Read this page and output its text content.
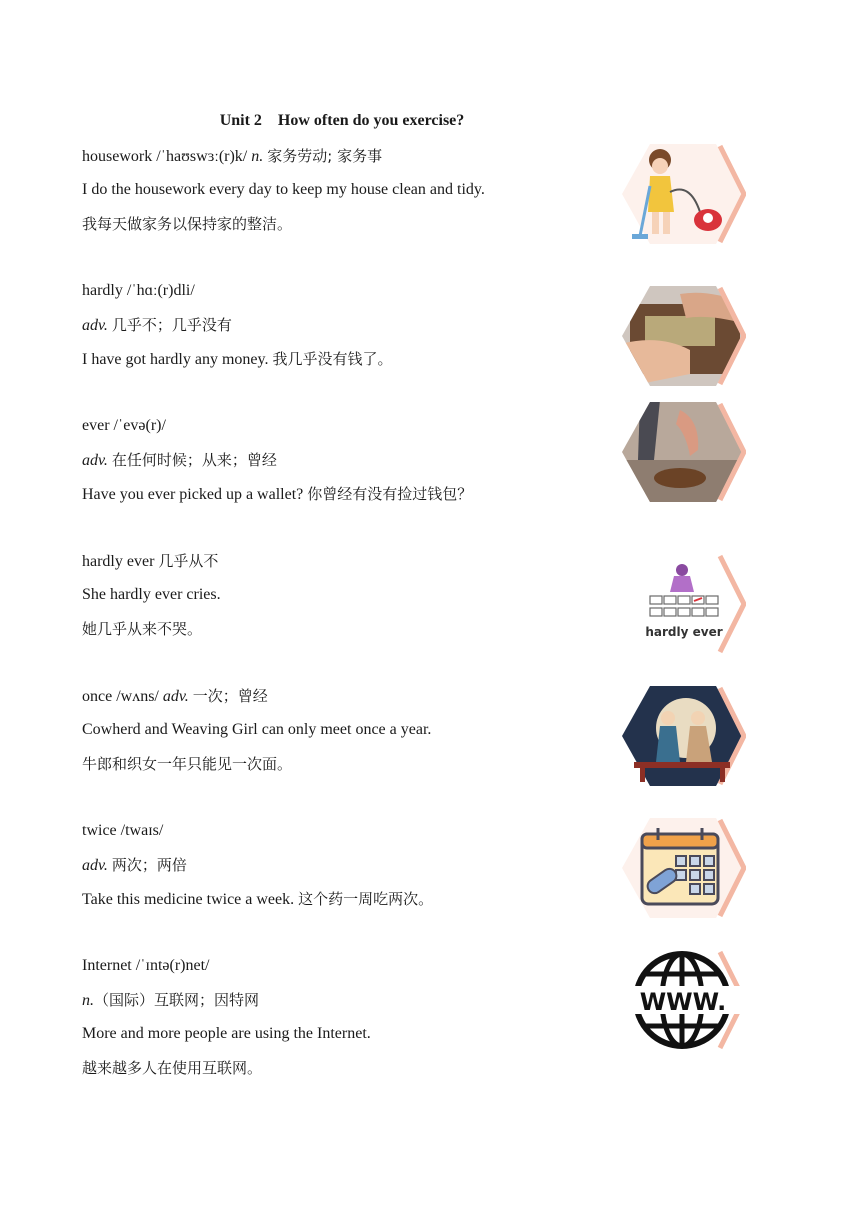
Unit 2    How often do you exercise?
housework /ˈhaʊswɜː(r)k/ n. 家务劳动; 家务事
I do the housework every day to keep my house clean and tidy.
我每天做家务以保持家的整洁。
hardly /ˈhɑː(r)dli/
adv. 几乎不；几乎没有
I have got hardly any money. 我几乎没有钱了。
ever /ˈevə(r)/
adv. 在任何时候；从来；曾经
Have you ever picked up a wallet? 你曾经有没有捡过钱包？
hardly ever 几乎从不
She hardly ever cries.
她几乎从来不哭。	hardly ever
once /wʌns/ adv. 一次；曾经
Cowherd and Weaving Girl can only meet once a year.
牛郎和织女一年只能见一次面。
twice /twaɪs/
adv. 两次；两倍
Take this medicine twice a week. 这个药一周吃两次。
Internet /ˈɪntə(r)net/
n.（国际）互联网；因特网
More and more people are using the Internet.
越来越多人在使用互联网。
WWW.
